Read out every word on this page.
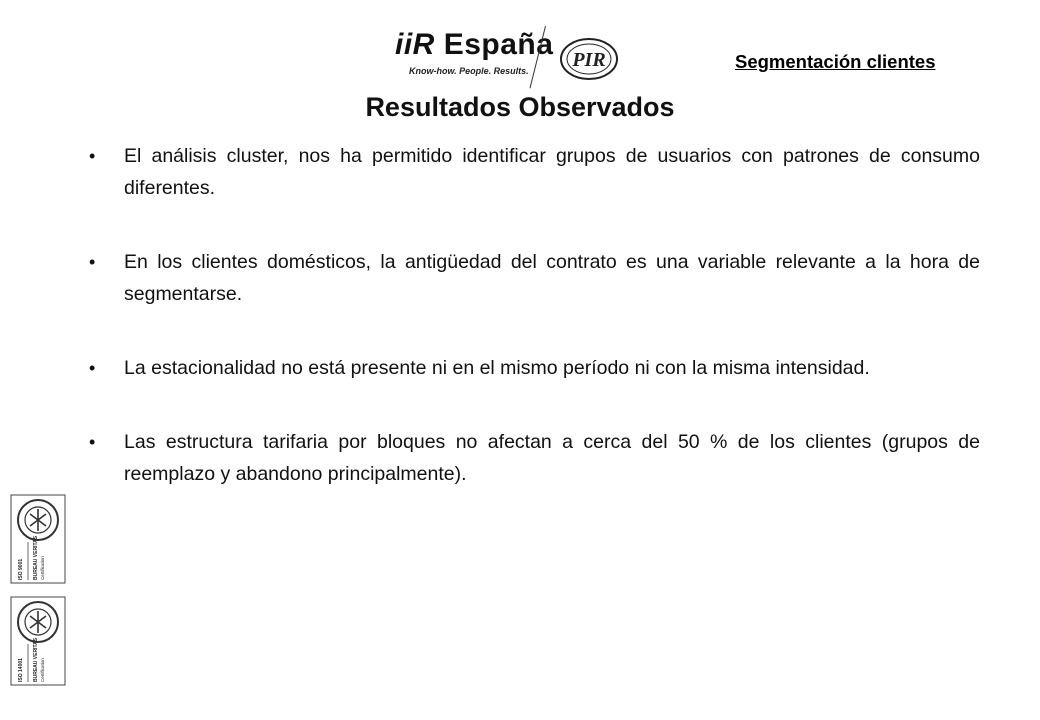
iiR España
Know-how. People. Results. PIR	Segmentación clientes
Resultados Observados
• El análisis cluster, nos ha permitido identificar grupos de usuarios con patrones de consumo diferentes.
• En los clientes domésticos, la antigüedad del contrato es una variable relevante a la hora de segmentarse.
• La estacionalidad no está presente ni en el mismo período ni con la misma intensidad.
• Las estructura tarifaria por bloques no afectan a cerca del 50 % de los clientes (grupos de reemplazo y abandono principalmente).
ISO 9001 BUREAU VERITAS Certification
ISO 14001 BUREAU VERITAS Certification
